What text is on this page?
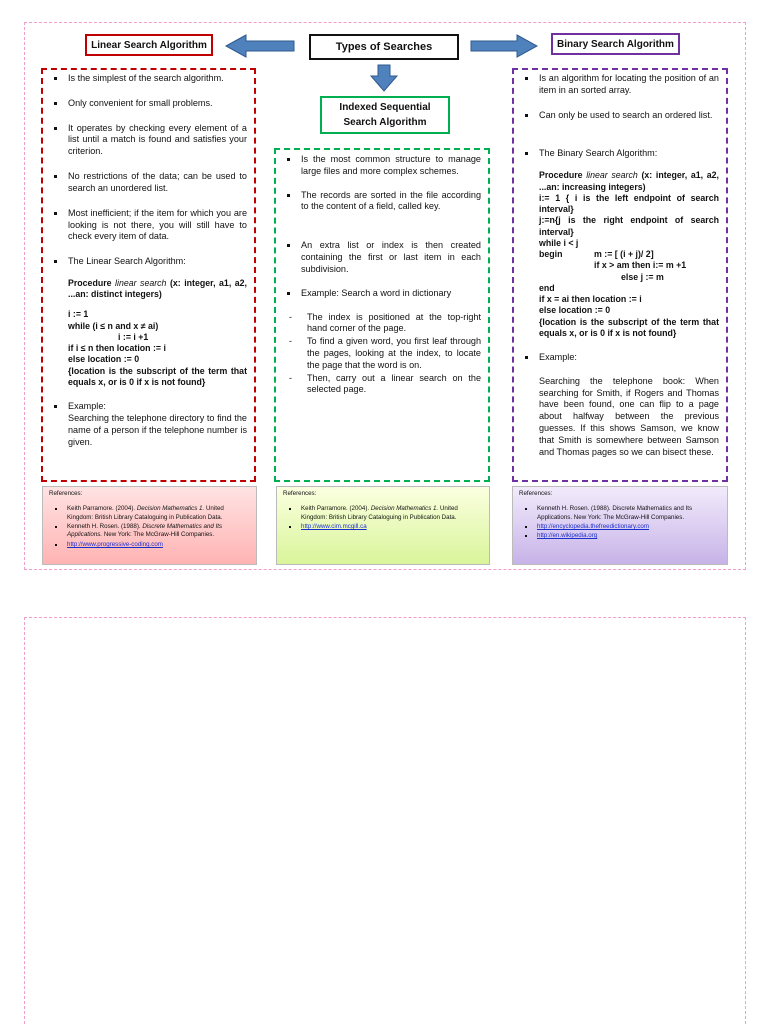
Linear Search Algorithm	Types of Searches	Binary Search Algorithm
Indexed Sequential Search Algorithm
Is the simplest of the search algorithm.
Only convenient for small problems.
It operates by checking every element of a list until a match is found and satisfies your criterion.
No restrictions of the data; can be used to search an unordered list.
Most inefficient; if the item for which you are looking is not there, you will still have to check every item of data.
The Linear Search Algorithm:
Procedure linear search (x: integer, a1, a2, ...an: distinct integers)
i := 1
while (i ≤ n and x ≠ ai)
i := i +1
if i ≤ n then location := i
else location := 0
{location is the subscript of the term that equals x, or is 0 if x is not found}
Example:
Searching the telephone directory to find the name of a person if the telephone number is given.
Is the most common structure to manage large files and more complex schemes.
The records are sorted in the file according to the content of a field, called key.
An extra list or index is then created containing the first or last item in each subdivision.
Example: Search a word in dictionary
- The index is positioned at the top-right hand corner of the page.
- To find a given word, you first leaf through the pages, looking at the index, to locate the page that the word is on.
- Then, carry out a linear search on the selected page.
Is an algorithm for locating the position of an item in an sorted array.
Can only be used to search an ordered list.
The Binary Search Algorithm:
Procedure linear search (x: integer, a1, a2, ...an: increasing integers)
i:= 1 { i is the left endpoint of search interval}
j:=n{j is the right endpoint of search interval}
while i < j
begin	m := [ (i + j)/ 2]
if x > am then i:= m +1
else j := m
end
if x = ai then location := i
else location := 0
{location is the subscript of the term that equals x, or is 0 if x is not found}
Example:
Searching the telephone book: When searching for Smith, if Rogers and Thomas have been found, one can flip to a page about halfway between the previous guesses. If this shows Samson, we know that Smith is somewhere between Samson and Thomas pages so we can bisect these.
References:
Keith Parramore. (2004). Decision Mathematics 1. United Kingdom: British Library Cataloguing in Publication Data.
Kenneth H. Rosen. (1988). Discrete Mathematics and Its Applications. New York: The McGraw-Hill Companies.
http://www.progressive-coding.com
References:
Keith Parramore. (2004). Decision Mathematics 1. United Kingdom: British Library Cataloguing in Publication Data.
http://www.cim.mcgill.ca
References:
Kenneth H. Rosen. (1988). Discrete Mathematics and Its Applications. New York: The McGraw-Hill Companies.
http://encyclopedia.thefreedictionary.com
http://en.wikipedia.org
